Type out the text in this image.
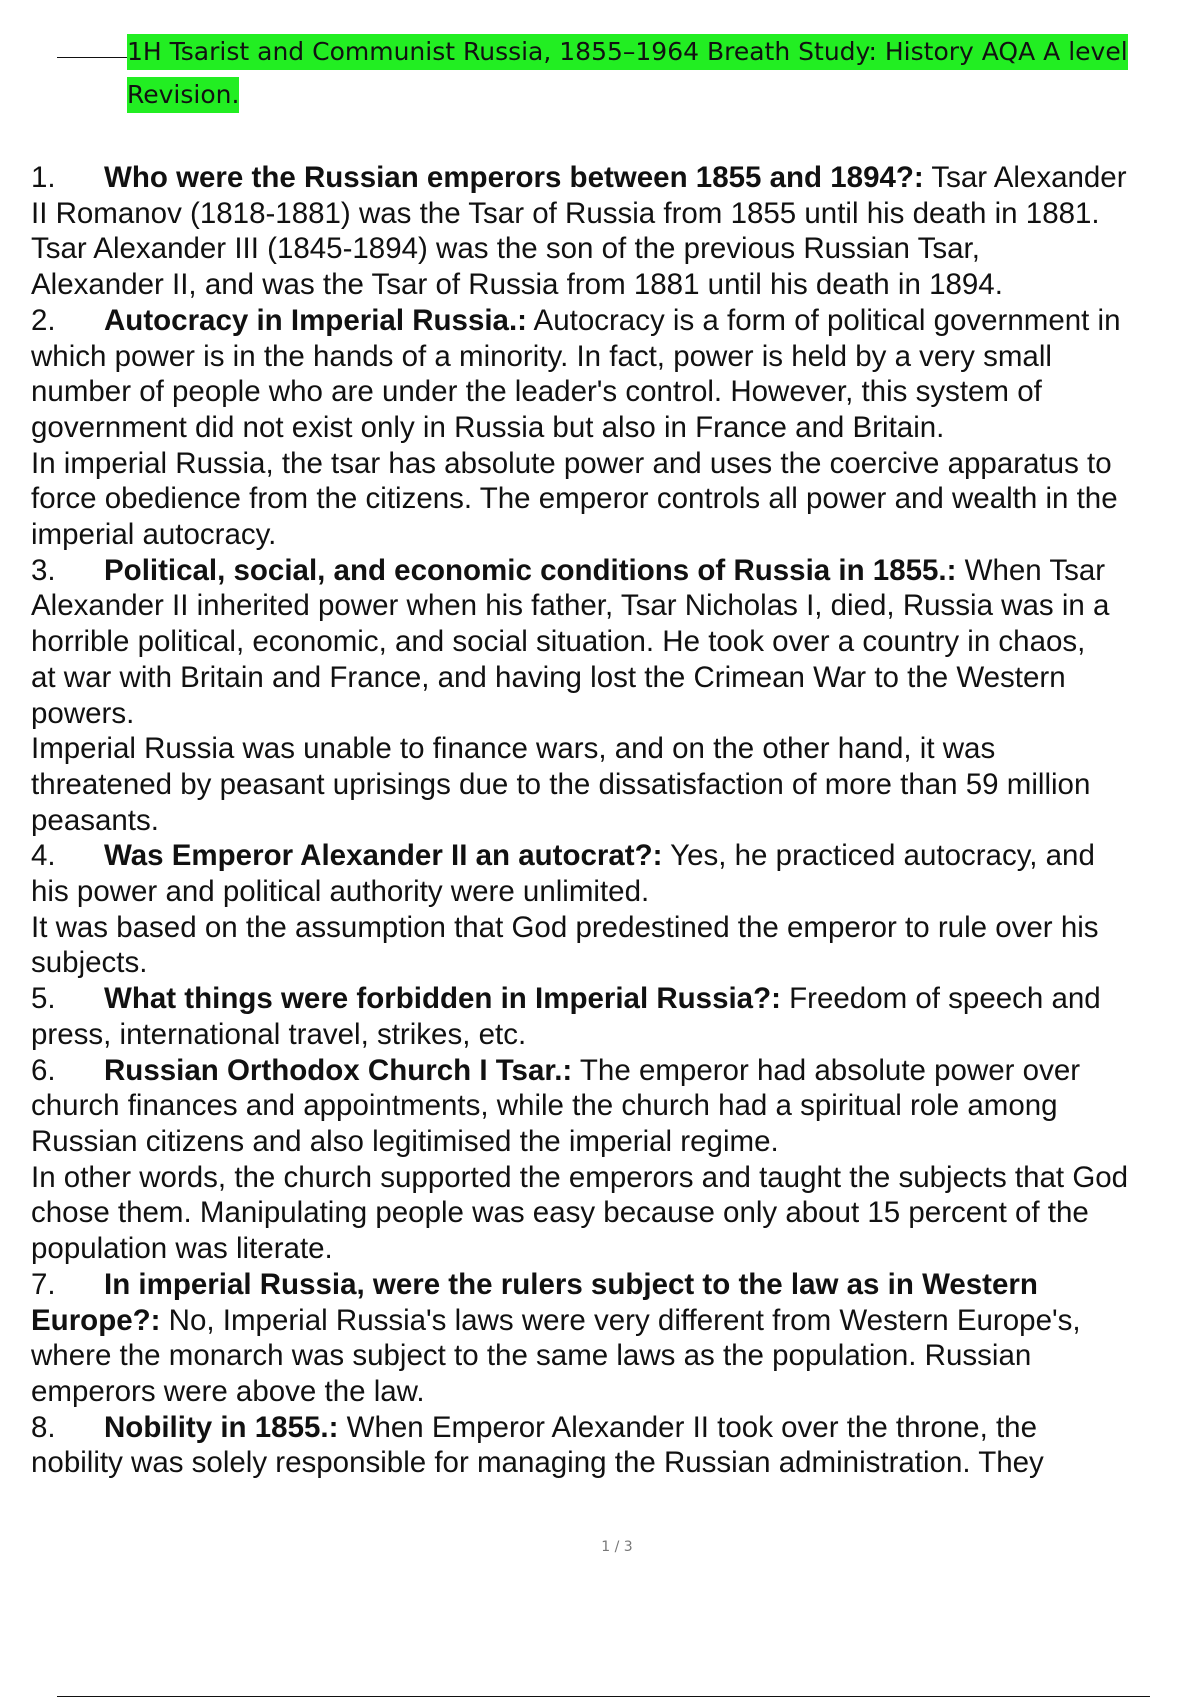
1H Tsarist and Communist Russia, 1855–1964 Breath Study: History AQA A level Revision.

1. Who were the Russian emperors between 1855 and 1894?: Tsar Alexander

II Romanov (1818-1881) was the Tsar of Russia from 1855 until his death in 1881.

Tsar Alexander III (1845-1894) was the son of the previous Russian Tsar,

Alexander II, and was the Tsar of Russia from 1881 until his death in 1894.

2. Autocracy in Imperial Russia.: Autocracy is a form of political government in

which power is in the hands of a minority. In fact, power is held by a very small

number of people who are under the leader's control. However, this system of

government did not exist only in Russia but also in France and Britain.

In imperial Russia, the tsar has absolute power and uses the coercive apparatus to

force obedience from the citizens. The emperor controls all power and wealth in the

imperial autocracy.

3. Political, social, and economic conditions of Russia in 1855.: When Tsar

Alexander II inherited power when his father, Tsar Nicholas I, died, Russia was in a

horrible political, economic, and social situation. He took over a country in chaos,

at war with Britain and France, and having lost the Crimean War to the Western

powers.

Imperial Russia was unable to finance wars, and on the other hand, it was

threatened by peasant uprisings due to the dissatisfaction of more than 59 million

peasants.

4. Was Emperor Alexander II an autocrat?: Yes, he practiced autocracy, and

his power and political authority were unlimited.

It was based on the assumption that God predestined the emperor to rule over his

subjects.

5. What things were forbidden in Imperial Russia?: Freedom of speech and

press, international travel, strikes, etc.

6. Russian Orthodox Church I Tsar.: The emperor had absolute power over

church finances and appointments, while the church had a spiritual role among

Russian citizens and also legitimised the imperial regime.

In other words, the church supported the emperors and taught the subjects that God

chose them. Manipulating people was easy because only about 15 percent of the

population was literate.

7. In imperial Russia, were the rulers subject to the law as in Western

Europe?: No, Imperial Russia's laws were very different from Western Europe's,

where the monarch was subject to the same laws as the population. Russian

emperors were above the law.

8. Nobility in 1855.: When Emperor Alexander II took over the throne, the

nobility was solely responsible for managing the Russian administration. They

1 / 3
